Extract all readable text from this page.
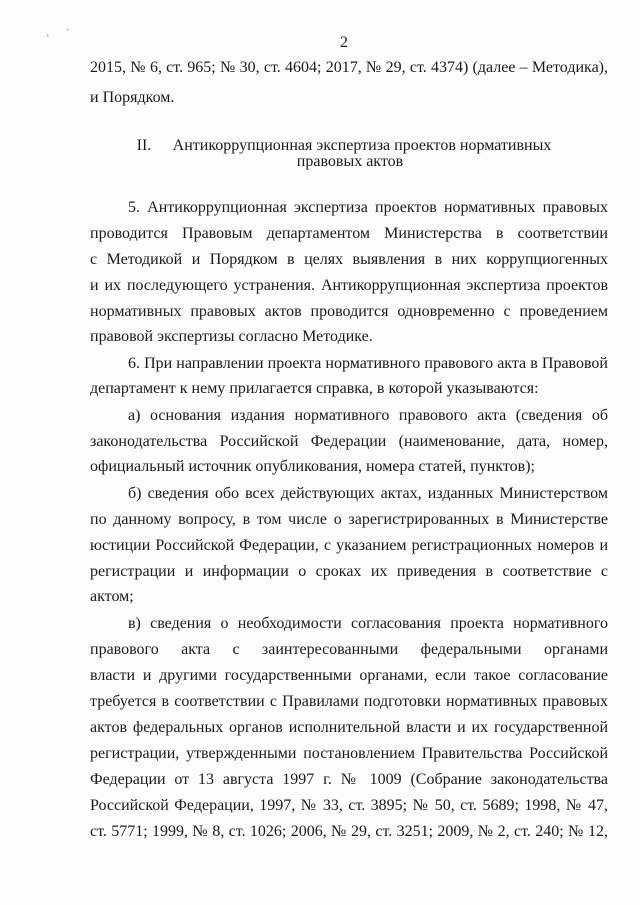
ˎ
ˏ
2
2015, № 6, ст. 965; № 30, ст. 4604; 2017, № 29, ст. 4374) (далее – Методика),
и Порядком.
II. Антикоррупционная экспертиза проектов нормативных
правовых актов
5. Антикоррупционная экспертиза проектов нормативных правовых
проводится Правовым департаментом Министерства в соответствии
с Методикой и Порядком в целях выявления в них коррупциогенных
и их последующего устранения. Антикоррупционная экспертиза проектов
нормативных правовых актов проводится одновременно с проведением
правовой экспертизы согласно Методике.
6. При направлении проекта нормативного правового акта в Правовой
департамент к нему прилагается справка, в которой указываются:
а) основания издания нормативного правового акта (сведения об
законодательства Российской Федерации (наименование, дата, номер,
официальный источник опубликования, номера статей, пунктов);
б) сведения обо всех действующих актах, изданных Министерством
по данному вопросу, в том числе о зарегистрированных в Министерстве
юстиции Российской Федерации, с указанием регистрационных номеров и
регистрации и информации о сроках их приведения в соответствие с
актом;
в) сведения о необходимости согласования проекта нормативного
правового акта с заинтересованными федеральными органами
власти и другими государственными органами, если такое согласование
требуется в соответствии с Правилами подготовки нормативных правовых
актов федеральных органов исполнительной власти и их государственной
регистрации, утвержденными постановлением Правительства Российской
Федерации от 13 августа 1997 г. № 1009 (Собрание законодательства
Российской Федерации, 1997, № 33, ст. 3895; № 50, ст. 5689; 1998, № 47,
ст. 5771; 1999, № 8, ст. 1026; 2006, № 29, ст. 3251; 2009, № 2, ст. 240; № 12,
